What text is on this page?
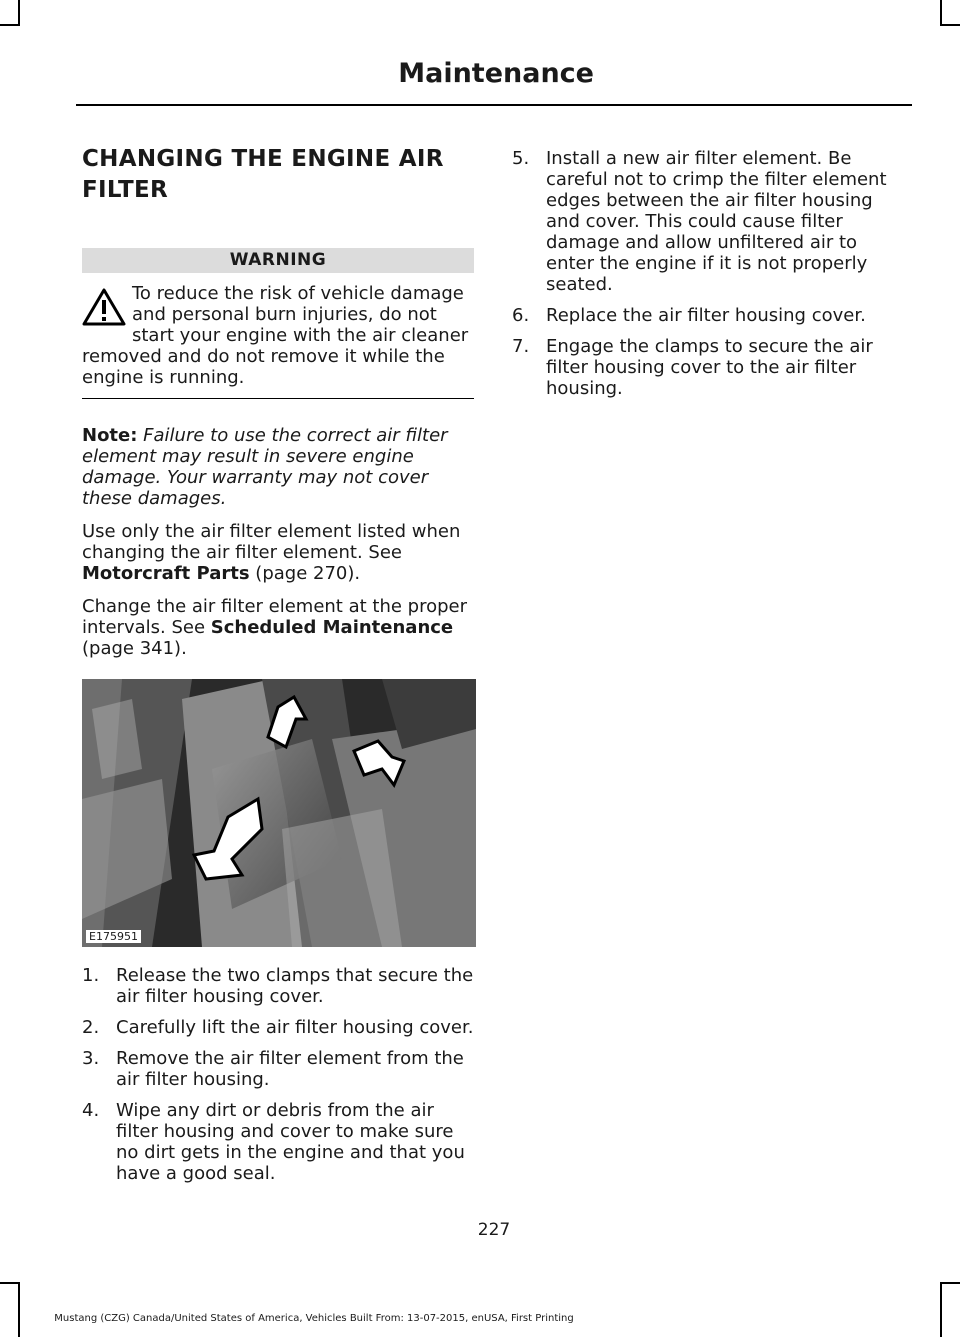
Maintenance
CHANGING THE ENGINE AIR
FILTER
WARNING

To reduce the risk of vehicle damage and personal burn injuries, do not start your engine with the air cleaner removed and do not remove it while the engine is running.

Note: Failure to use the correct air filter element may result in severe engine damage. Your warranty may not cover these damages.

Use only the air filter element listed when changing the air filter element. See Motorcraft Parts (page 270).

Change the air filter element at the proper intervals. See Scheduled Maintenance (page 341).

E175951
1. Release the two clamps that secure the air filter housing cover.
2. Carefully lift the air filter housing cover.
3. Remove the air filter element from the air filter housing.
4. Wipe any dirt or debris from the air filter housing and cover to make sure no dirt gets in the engine and that you have a good seal.
5. Install a new air filter element. Be careful not to crimp the filter element edges between the air filter housing and cover. This could cause filter damage and allow unfiltered air to enter the engine if it is not properly seated.
6. Replace the air filter housing cover.
7. Engage the clamps to secure the air filter housing cover to the air filter housing.
227
Mustang (CZG) Canada/United States of America, Vehicles Built From: 13-07-2015, enUSA, First Printing
